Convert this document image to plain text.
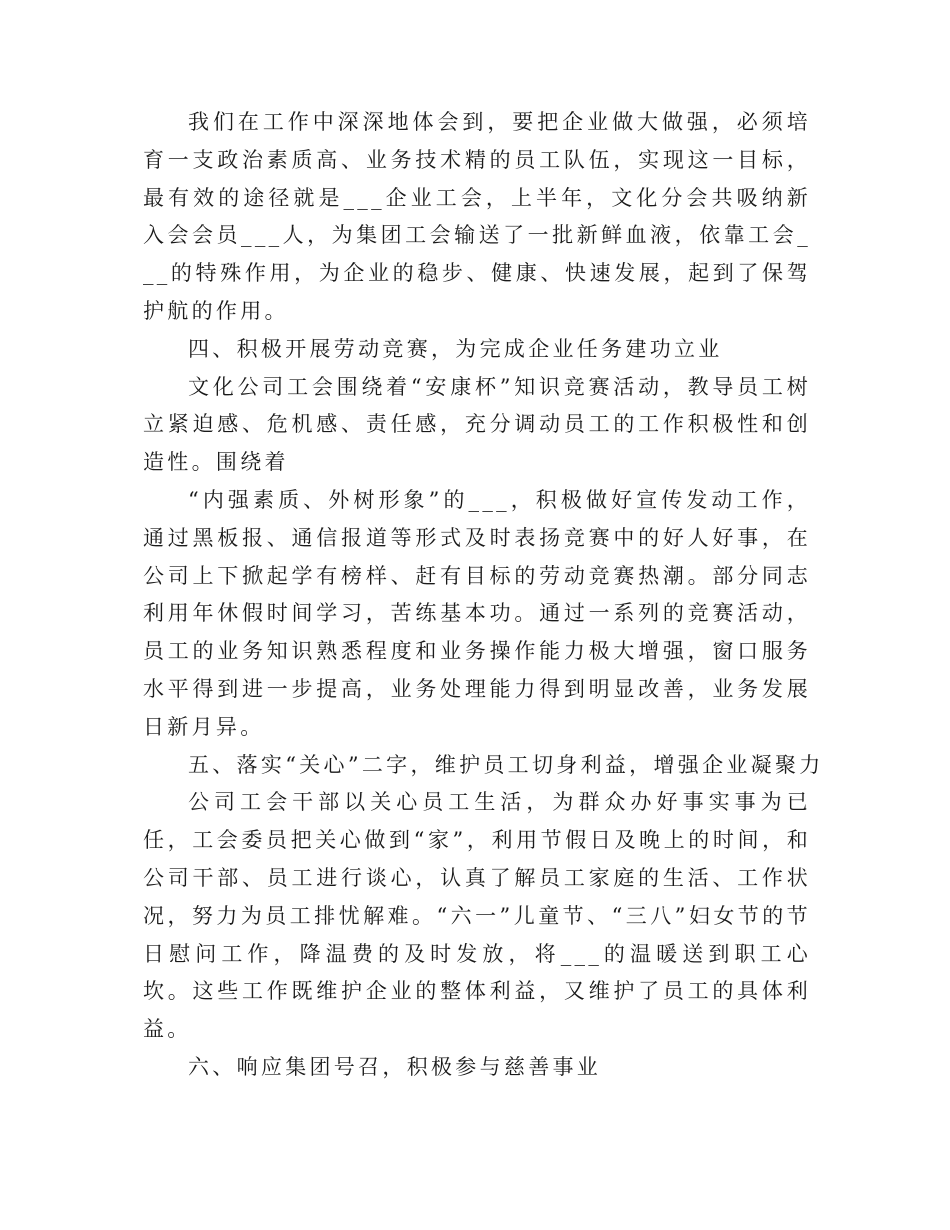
我们在工作中深深地体会到，要把企业做大做强，必须培育一支政治素质高、业务技术精的员工队伍，实现这一目标，最有效的途径就是___企业工会，上半年，文化分会共吸纳新入会会员___人，为集团工会输送了一批新鲜血液，依靠工会___的特殊作用，为企业的稳步、健康、快速发展，起到了保驾护航的作用。

四、积极开展劳动竞赛，为完成企业任务建功立业

文化公司工会围绕着“安康杯”知识竞赛活动，教导员工树立紧迫感、危机感、责任感，充分调动员工的工作积极性和创造性。围绕着

“内强素质、外树形象”的___，积极做好宣传发动工作，通过黑板报、通信报道等形式及时表扬竞赛中的好人好事，在公司上下掀起学有榜样、赶有目标的劳动竞赛热潮。部分同志利用年休假时间学习，苦练基本功。通过一系列的竞赛活动，员工的业务知识熟悉程度和业务操作能力极大增强，窗口服务水平得到进一步提高，业务处理能力得到明显改善，业务发展日新月异。

五、落实“关心”二字，维护员工切身利益，增强企业凝聚力

公司工会干部以关心员工生活，为群众办好事实事为已任，工会委员把关心做到“家”，利用节假日及晚上的时间，和公司干部、员工进行谈心，认真了解员工家庭的生活、工作状况，努力为员工排忧解难。“六一”儿童节、“三八”妇女节的节日慰问工作，降温费的及时发放，将___的温暖送到职工心坎。这些工作既维护企业的整体利益，又维护了员工的具体利益。

六、响应集团号召，积极参与慈善事业
